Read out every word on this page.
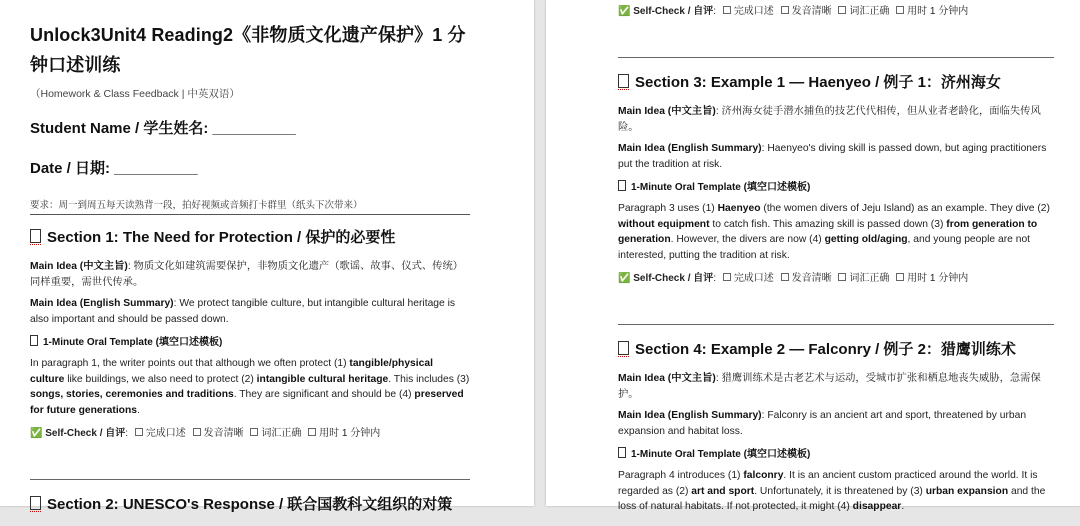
Unlock3Unit4 Reading2《非物质文化遗产保护》1 分钟口述训练
（Homework & Class Feedback | 中英双语）
Student Name / 学生姓名: __________
Date / 日期: __________
要求：周一到周五每天读熟背一段，拍好视频或音频打卡群里（纸头下次带来）
Section 1: The Need for Protection / 保护的必要性

Main Idea (中文主旨): 物质文化如建筑需要保护，非物质文化遗产（歌谣、故事、仪式、传统）同样重要，需世代传承。

Main Idea (English Summary): We protect tangible culture, but intangible cultural heritage is also important and should be passed down.

1-Minute Oral Template (填空口述模板)

In paragraph 1, the writer points out that although we often protect (1) tangible/physical culture like buildings, we also need to protect (2) intangible cultural heritage. This includes (3) songs, stories, ceremonies and traditions. They are significant and should be (4) preserved for future generations.

✅ Self-Check / 自评: 完成口述 发音清晰 词汇正确 用时 1 分钟内
Section 2: UNESCO's Response / 联合国教科文组织的对策
✅ Self-Check / 自评: 完成口述 发音清晰 词汇正确 用时 1 分钟内
Section 3: Example 1 — Haenyeo / 例子 1：济州海女

Main Idea (中文主旨): 济州海女徒手潜水捕鱼的技艺代代相传，但从业者老龄化，面临失传风险。

Main Idea (English Summary): Haenyeo's diving skill is passed down, but aging practitioners put the tradition at risk.

1-Minute Oral Template (填空口述模板)

Paragraph 3 uses (1) Haenyeo (the women divers of Jeju Island) as an example. They dive (2) without equipment to catch fish. This amazing skill is passed down (3) from generation to generation. However, the divers are now (4) getting old/aging, and young people are not interested, putting the tradition at risk.

✅ Self-Check / 自评: 完成口述 发音清晰 词汇正确 用时 1 分钟内
Section 4: Example 2 — Falconry / 例子 2：猎鹰训练术

Main Idea (中文主旨): 猎鹰训练术是古老艺术与运动，受城市扩张和栖息地丧失威胁，急需保护。

Main Idea (English Summary): Falconry is an ancient art and sport, threatened by urban expansion and habitat loss.

1-Minute Oral Template (填空口述模板)

Paragraph 4 introduces (1) falconry. It is an ancient custom practiced around the world. It is regarded as (2) art and sport. Unfortunately, it is threatened by (3) urban expansion and the loss of natural habitats. If not protected, it might (4) disappear.
